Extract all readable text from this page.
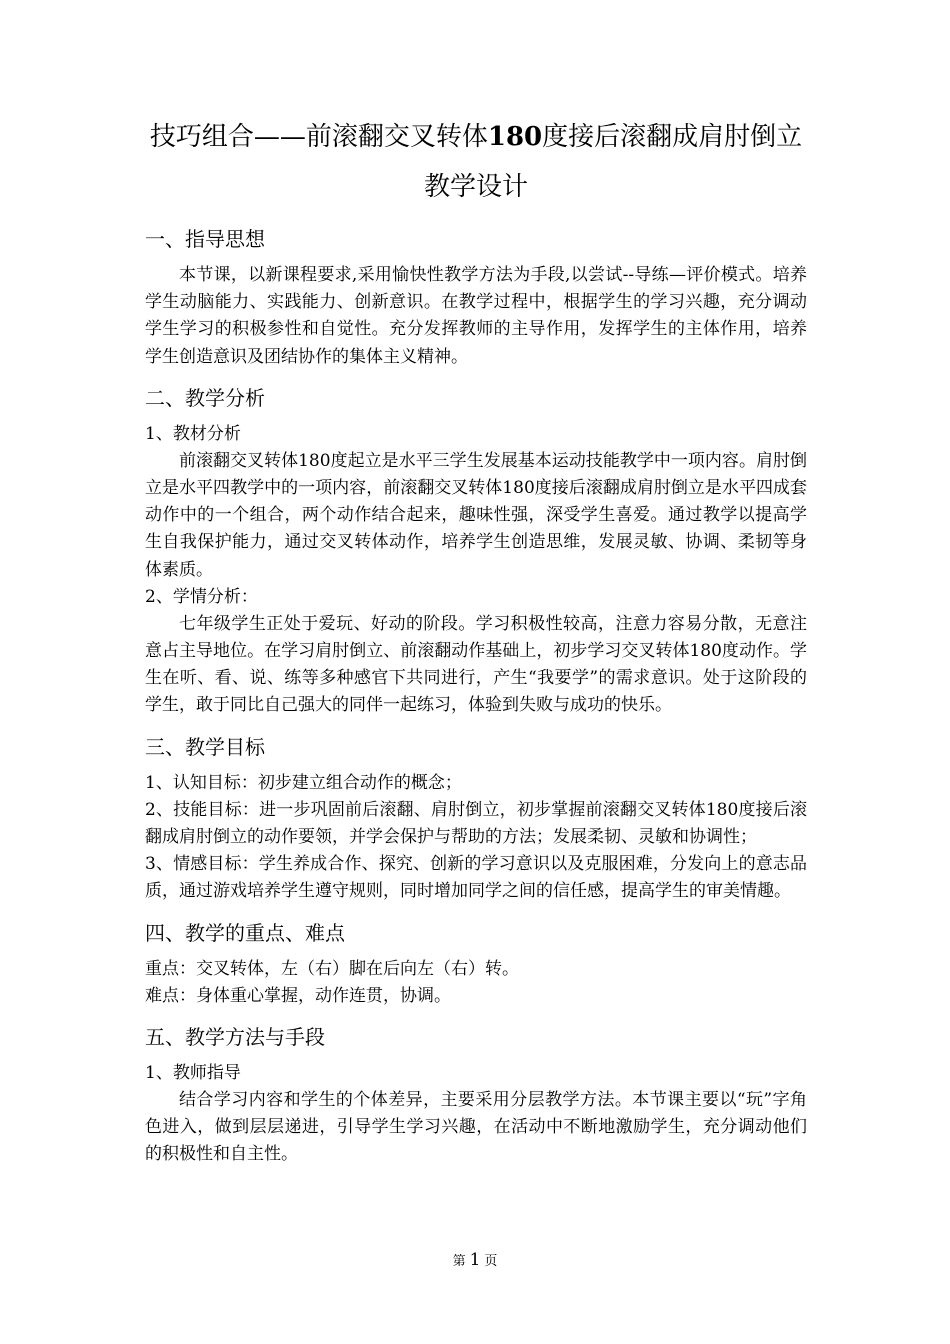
技巧组合——前滚翻交叉转体180度接后滚翻成肩肘倒立
教学设计
一、指导思想

本节课，以新课程要求,采用愉快性教学方法为手段,以尝试--导练—评价模式。培养学生动脑能力、实践能力、创新意识。在教学过程中，根据学生的学习兴趣，充分调动学生学习的积极参性和自觉性。充分发挥教师的主导作用，发挥学生的主体作用，培养学生创造意识及团结协作的集体主义精神。

二、教学分析
1、教材分析

前滚翻交叉转体180度起立是水平三学生发展基本运动技能教学中一项内容。肩肘倒立是水平四教学中的一项内容，前滚翻交叉转体180度接后滚翻成肩肘倒立是水平四成套动作中的一个组合，两个动作结合起来，趣味性强，深受学生喜爱。通过教学以提高学生自我保护能力，通过交叉转体动作，培养学生创造思维，发展灵敏、协调、柔韧等身体素质。

2、学情分析：

七年级学生正处于爱玩、好动的阶段。学习积极性较高，注意力容易分散，无意注意占主导地位。在学习肩肘倒立、前滚翻动作基础上，初步学习交叉转体180度动作。学生在听、看、说、练等多种感官下共同进行，产生“我要学”的需求意识。处于这阶段的学生，敢于同比自己强大的同伴一起练习，体验到失败与成功的快乐。

三、教学目标

1、认知目标：初步建立组合动作的概念；

2、技能目标：进一步巩固前后滚翻、肩肘倒立，初步掌握前滚翻交叉转体180度接后滚翻成肩肘倒立的动作要领，并学会保护与帮助的方法；发展柔韧、灵敏和协调性；

3、情感目标：学生养成合作、探究、创新的学习意识以及克服困难，分发向上的意志品质，通过游戏培养学生遵守规则，同时增加同学之间的信任感，提高学生的审美情趣。

四、教学的重点、难点

重点：交叉转体，左（右）脚在后向左（右）转。

难点：身体重心掌握，动作连贯，协调。

五、教学方法与手段
1、教师指导

结合学习内容和学生的个体差异，主要采用分层教学方法。本节课主要以“玩”字角色进入，做到层层递进，引导学生学习兴趣，在活动中不断地激励学生，充分调动他们的积极性和自主性。

第 1 页
